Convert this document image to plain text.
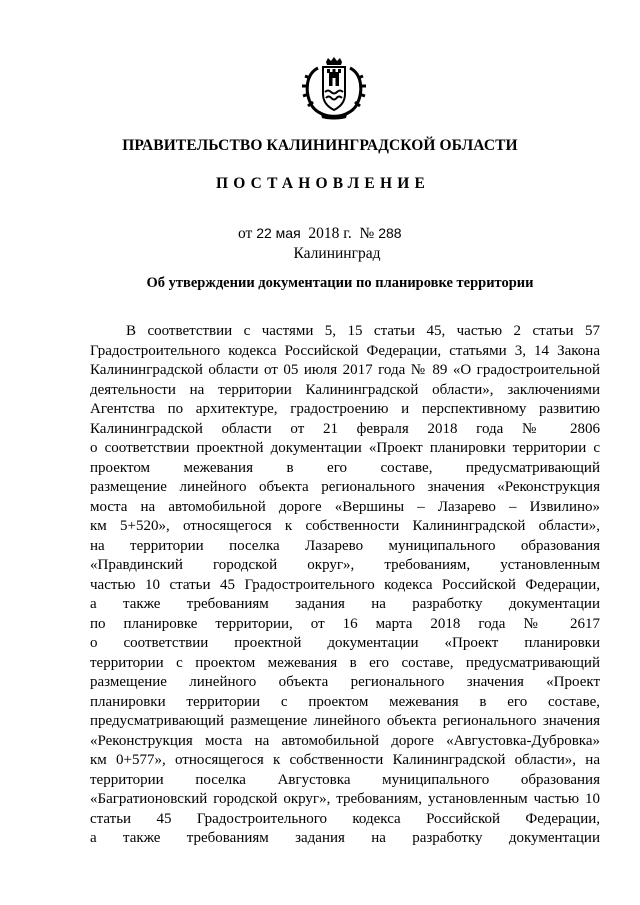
ПРАВИТЕЛЬСТВО КАЛИНИНГРАДСКОЙ ОБЛАСТИ
ПОСТАНОВЛЕНИЕ
от 22 мая 2018 г. № 288
Калининград
Об утверждении документации по планировке территории
В соответствии с частями 5, 15 статьи 45, частью 2 статьи 57
Градостроительного кодекса Российской Федерации, статьями 3, 14 Закона
Калининградской области от 05 июля 2017 года № 89 «О градостроительной
деятельности на территории Калининградской области», заключениями
Агентства по архитектуре, градостроению и перспективному развитию
Калининградской области от 21 февраля 2018 года № 2806
о соответствии проектной документации «Проект планировки территории с
проектом межевания в его составе, предусматривающий
размещение линейного объекта регионального значения «Реконструкция
моста на автомобильной дороге «Вершины – Лазарево – Извилино»
км 5+520», относящегося к собственности Калининградской области»,
на территории поселка Лазарево муниципального образования
«Правдинский городской округ», требованиям, установленным
частью 10 статьи 45 Градостроительного кодекса Российской Федерации,
а также требованиям задания на разработку документации
по планировке территории, от 16 марта 2018 года № 2617
о соответствии проектной документации «Проект планировки
территории с проектом межевания в его составе, предусматривающий
размещение линейного объекта регионального значения «Проект
планировки территории с проектом межевания в его составе,
предусматривающий размещение линейного объекта регионального значения
«Реконструкция моста на автомобильной дороге «Августовка-Дубровка»
км 0+577», относящегося к собственности Калининградской области», на
территории поселка Августовка муниципального образования
«Багратионовский городской округ», требованиям, установленным частью 10
статьи 45 Градостроительного кодекса Российской Федерации,
а также требованиям задания на разработку документации
